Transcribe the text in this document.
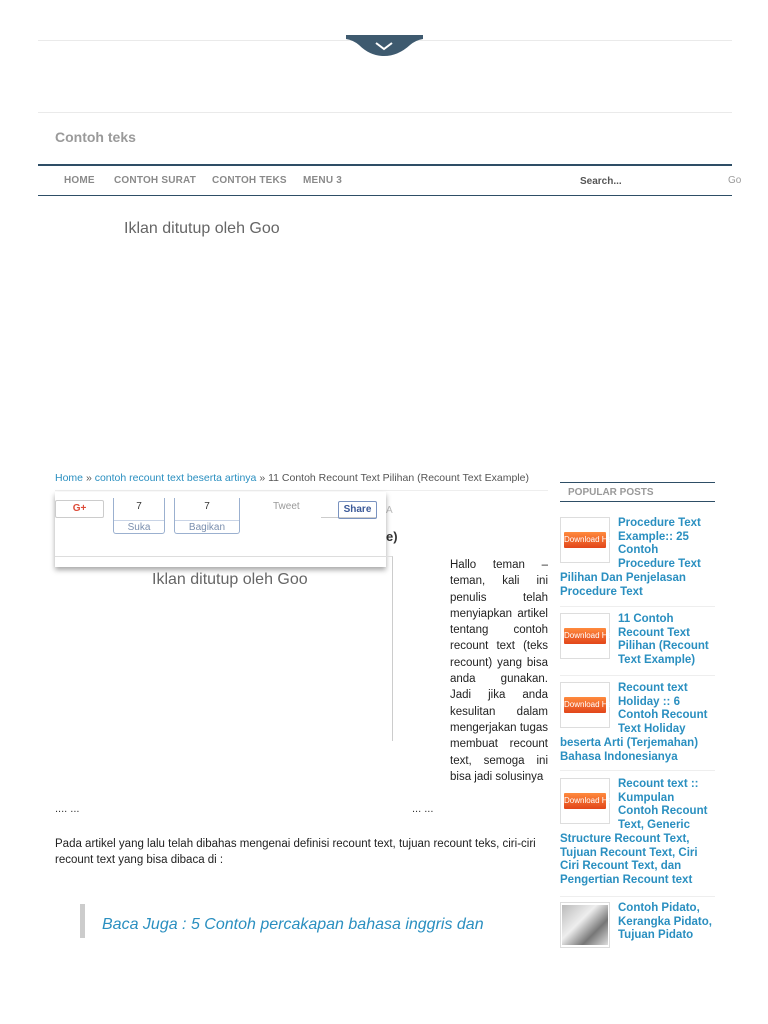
Contoh teks
HOME CONTOH SURAT CONTOH TEKS MENU 3
Search...	Go
Iklan ditutup oleh Goo
Home » contoh recount text beserta artinya » 11 Contoh Recount Text Pilihan (Recount Text Example)
A
e)
G+	7
Suka
7
Bagikan
Tweet	Share
Iklan ditutup oleh Goo
Hallo teman – teman, kali ini penulis telah menyiapkan artikel tentang contoh recount text (teks recount) yang bisa anda gunakan. Jadi jika anda kesulitan dalam mengerjakan tugas membuat recount text, semoga ini bisa jadi solusinya
.... ...	... ...
Pada artikel yang lalu telah dibahas mengenai definisi recount text, tujuan recount teks, ciri-ciri recount text yang bisa dibaca di :
Baca Juga : 5 Contoh percakapan bahasa inggris dan
POPULAR POSTS
Download Here
Procedure Text Example:: 25 Contoh Procedure Text Pilihan Dan Penjelasan Procedure Text
Download Here
11 Contoh Recount Text Pilihan (Recount Text Example)
Download Here
Recount text Holiday :: 6 Contoh Recount Text Holiday beserta Arti (Terjemahan) Bahasa Indonesianya
Download Here
Recount text :: Kumpulan Contoh Recount Text, Generic Structure Recount Text, Tujuan Recount Text, Ciri Ciri Recount Text, dan Pengertian Recount text
Contoh Pidato, Kerangka Pidato, Tujuan Pidato
